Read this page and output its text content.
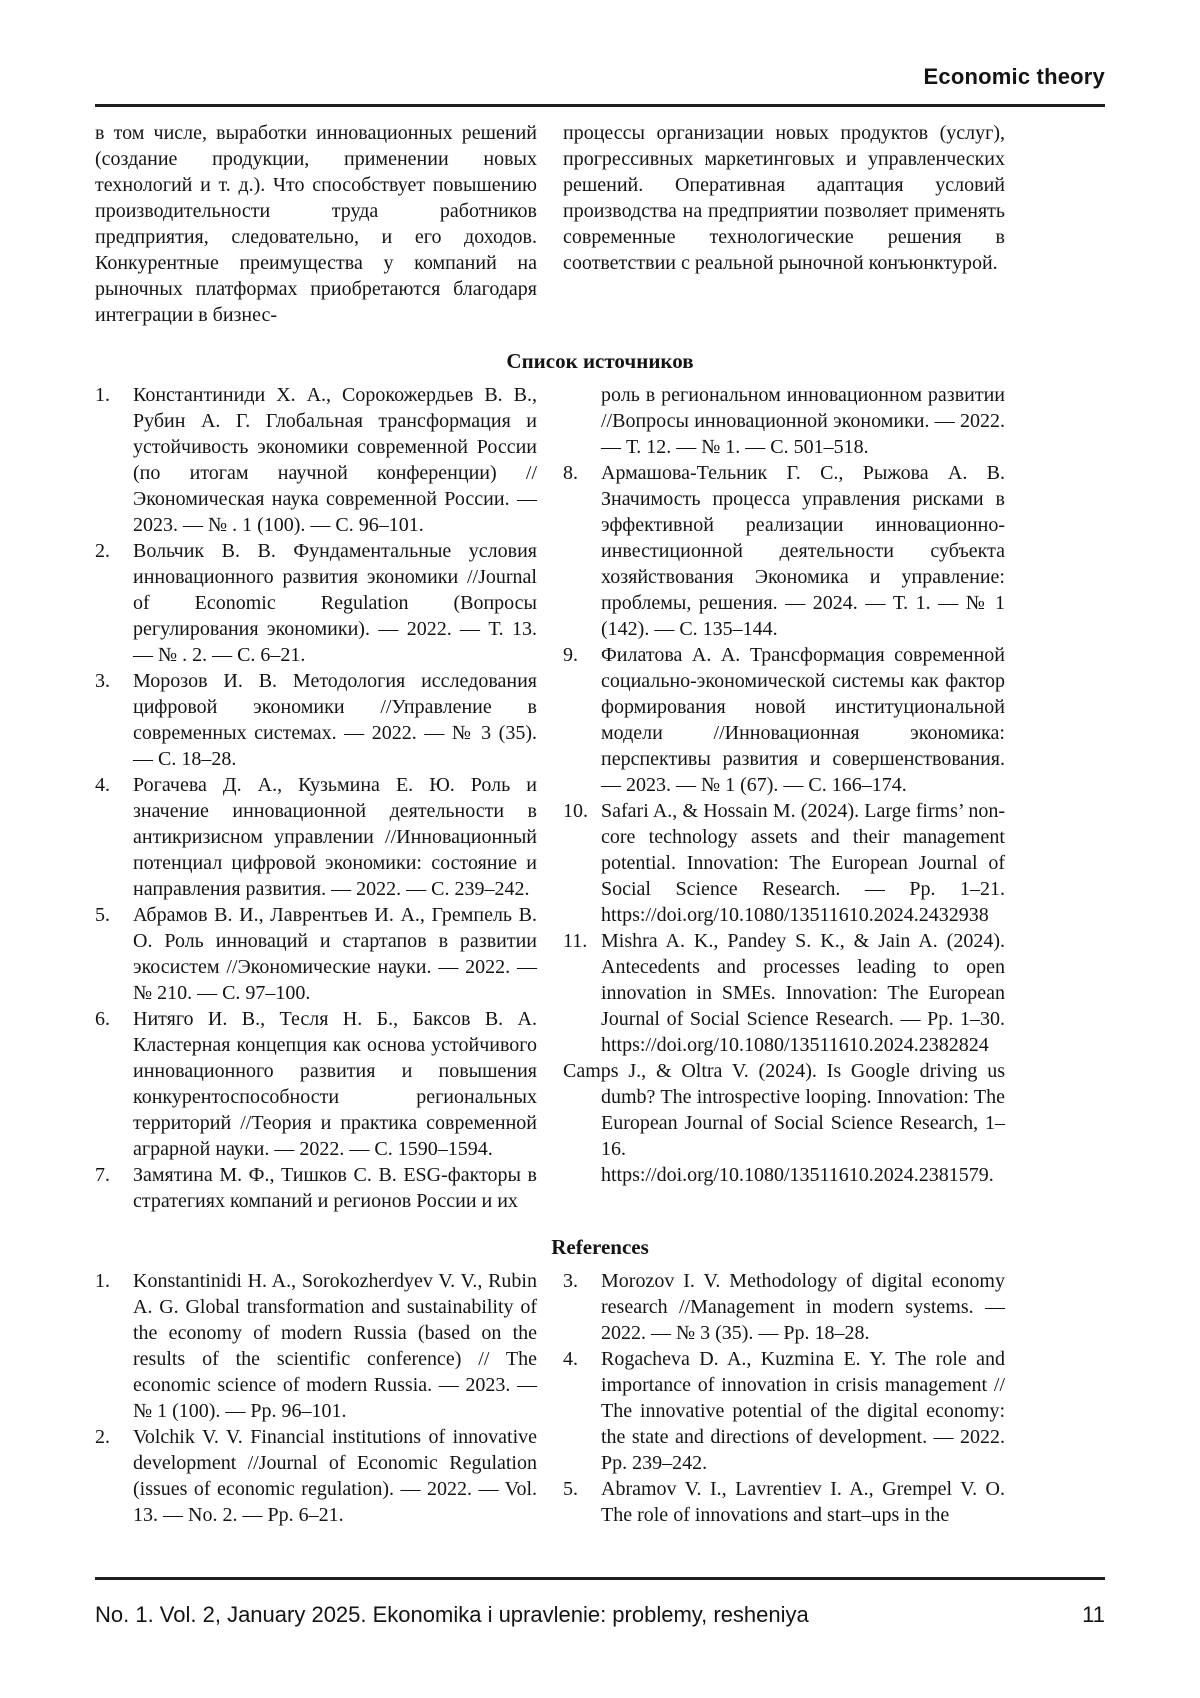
Economic theory

в том числе, выработки инновационных решений (создание продукции, применении новых технологий и т. д.). Что способствует повышению производительности труда работников предприятия, следовательно, и его доходов. Конкурентные преимущества у компаний на рыночных платформах приобретаются благодаря интеграции в бизнес-

процессы организации новых продуктов (услуг), прогрессивных маркетинговых и управленческих решений. Оперативная адаптация условий производства на предприятии позволяет применять современные технологические решения в соответствии с реальной рыночной конъюнктурой.

Список источников
1.	Константиниди Х. А., Сорокожердьев В. В., Рубин А. Г. Глобальная трансформация и устойчивость экономики современной России (по итогам научной конференции) //Экономическая наука современной России. — 2023. — № . 1 (100). — С. 96–101.
2.	Вольчик В. В. Фундаментальные условия инновационного развития экономики //Journal of Economic Regulation (Вопросы регулирования экономики). — 2022. — Т. 13. — № . 2. — С. 6–21.
3.	Морозов И. В. Методология исследования цифровой экономики //Управление в современных системах. — 2022. — № 3 (35). — С. 18–28.
4.	Рогачева Д. А., Кузьмина Е. Ю. Роль и значение инновационной деятельности в антикризисном управлении //Инновационный потенциал цифровой экономики: состояние и направления развития. — 2022. — С. 239–242.
5.	Абрамов В. И., Лаврентьев И. А., Гремпель В. О. Роль инноваций и стартапов в развитии экосистем //Экономические науки. — 2022. — № 210. — С. 97–100.
6.	Нитяго И. В., Тесля Н. Б., Баксов В. А. Кластерная концепция как основа устойчивого инновационного развития и повышения конкурентоспособности региональных территорий //Теория и практика современной аграрной науки. — 2022. — С. 1590–1594.
7.	Замятина М. Ф., Тишков С. В. ESG-факторы в стратегиях компаний и регионов России и их
роль в региональном инновационном развитии //Вопросы инновационной экономики. — 2022. — Т. 12. — № 1. — С. 501–518.
8.	Армашова-Тельник Г. С., Рыжова А. В. Значимость процесса управления рисками в эффективной реализации инновационно-инвестиционной деятельности субъекта хозяйствования Экономика и управление: проблемы, решения. — 2024. — Т. 1. — № 1 (142). — С. 135–144.
9.	Филатова А. А. Трансформация современной социально-экономической системы как фактор формирования новой институциональной модели //Инновационная экономика: перспективы развития и совершенствования. — 2023. — № 1 (67). — С. 166–174.
10. Safari A., & Hossain M. (2024). Large firms’ non-core technology assets and their management potential. Innovation: The European Journal of Social Science Research. — Pp. 1–21. https://doi.org/10.1080/13511610.2024.2432938
11. Mishra A. K., Pandey S. K., & Jain A. (2024). Antecedents and processes leading to open innovation in SMEs. Innovation: The European Journal of Social Science Research. — Pp. 1–30. https://doi.org/10.1080/13511610.2024.2382824
Camps J., & Oltra V. (2024). Is Google driving us dumb? The introspective looping. Innovation: The European Journal of Social Science Research, 1–16. https://doi.org/10.1080/13511610.2024.2381579.
References
1.	Konstantinidi H. A., Sorokozherdyev V. V., Rubin A. G. Global transformation and sustainability of the economy of modern Russia (based on the results of the scientific conference) // The economic science of modern Russia. — 2023. — № 1 (100). — Pp. 96–101.
2.	Volchik V. V. Financial institutions of innovative development //Journal of Economic Regulation (issues of economic regulation). — 2022. — Vol. 13. — No. 2. — Pp. 6–21.
3.	Morozov I. V. Methodology of digital economy research //Management in modern systems. — 2022. — № 3 (35). — Pp. 18–28.
4.	Rogacheva D. A., Kuzmina E. Y. The role and importance of innovation in crisis management // The innovative potential of the digital economy: the state and directions of development. — 2022. Pp. 239–242.
5.	Abramov V. I., Lavrentiev I. A., Grempel V. O. The role of innovations and start–ups in the
No. 1. Vol. 2, January 2025. Ekonomika i upravlenie: problemy, resheniya	11
